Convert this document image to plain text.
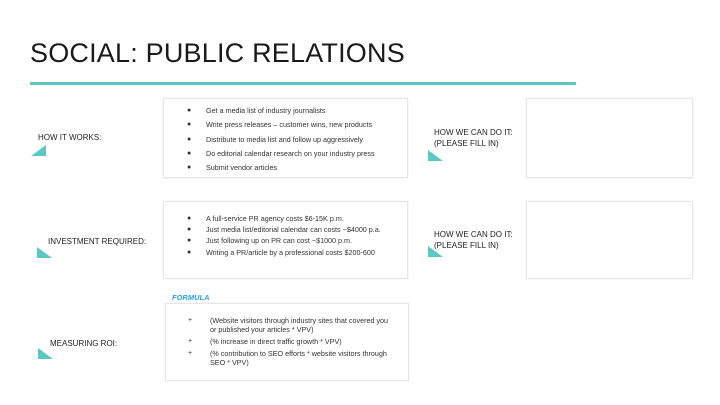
SOCIAL: PUBLIC RELATIONS
HOW IT WORKS:
● Get a media list of industry journalists
● Write press releases – customer wins, new products
● Distribute to media list and follow up aggressively
● Do editorial calendar research on your industry press
● Submit vendor articles
HOW WE CAN DO IT:
(PLEASE FILL IN)
INVESTMENT REQUIRED:
● A full-service PR agency costs $6-15K p.m.
● Just media list/editorial calendar can costs ~$4000 p.a.
● Just following up on PR can cost ~$1000 p.m.
● Writing a PR/article by a professional costs $200-600
HOW WE CAN DO IT:
(PLEASE FILL IN)
FORMULA
MEASURING ROI:
+ (Website visitors through industry sites that covered you or published your articles * VPV)
+ (% increase in direct traffic growth * VPV)
+ (% contribution to SEO efforts * website visitors through SEO * VPV)
